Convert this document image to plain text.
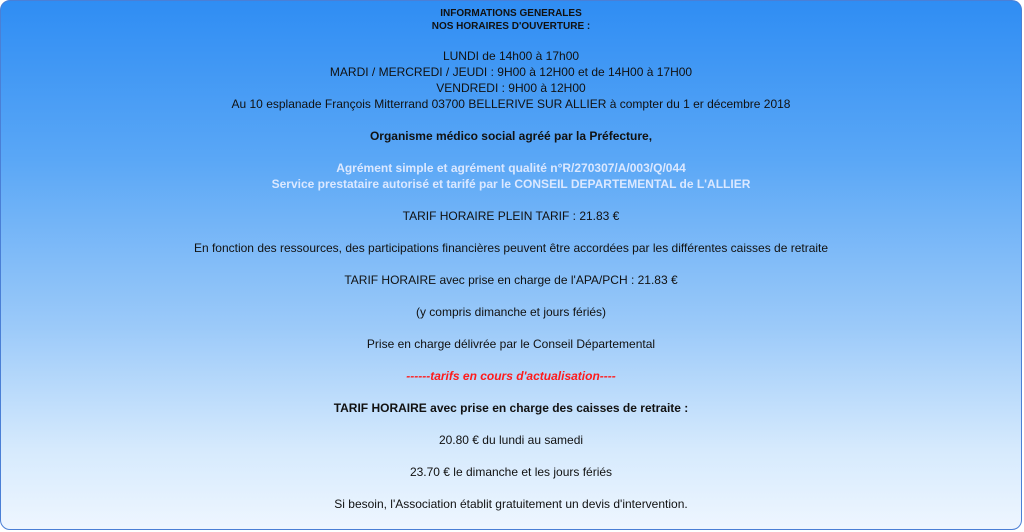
INFORMATIONS GENERALES
NOS HORAIRES D'OUVERTURE :
LUNDI de 14h00 à 17h00
MARDI / MERCREDI / JEUDI : 9H00 à 12H00 et de 14H00 à 17H00
VENDREDI : 9H00 à 12H00
Au 10 esplanade François Mitterrand 03700 BELLERIVE SUR ALLIER à compter du 1 er décembre 2018
Organisme médico social agréé par la Préfecture,
Agrément simple et agrément qualité n°R/270307/A/003/Q/044
Service prestataire autorisé et tarifé par le CONSEIL DEPARTEMENTAL de L'ALLIER
TARIF HORAIRE PLEIN TARIF : 21.83 €
En fonction des ressources, des participations financières peuvent être accordées par les différentes caisses de retraite
TARIF HORAIRE avec prise en charge de l'APA/PCH : 21.83 €
(y compris dimanche et jours fériés)
Prise en charge délivrée par le Conseil Départemental
------tarifs en cours d'actualisation----
TARIF HORAIRE avec prise en charge des caisses de retraite :
20.80 € du lundi au samedi
23.70 € le dimanche et les jours fériés
Si besoin, l'Association établit gratuitement un devis d'intervention.
